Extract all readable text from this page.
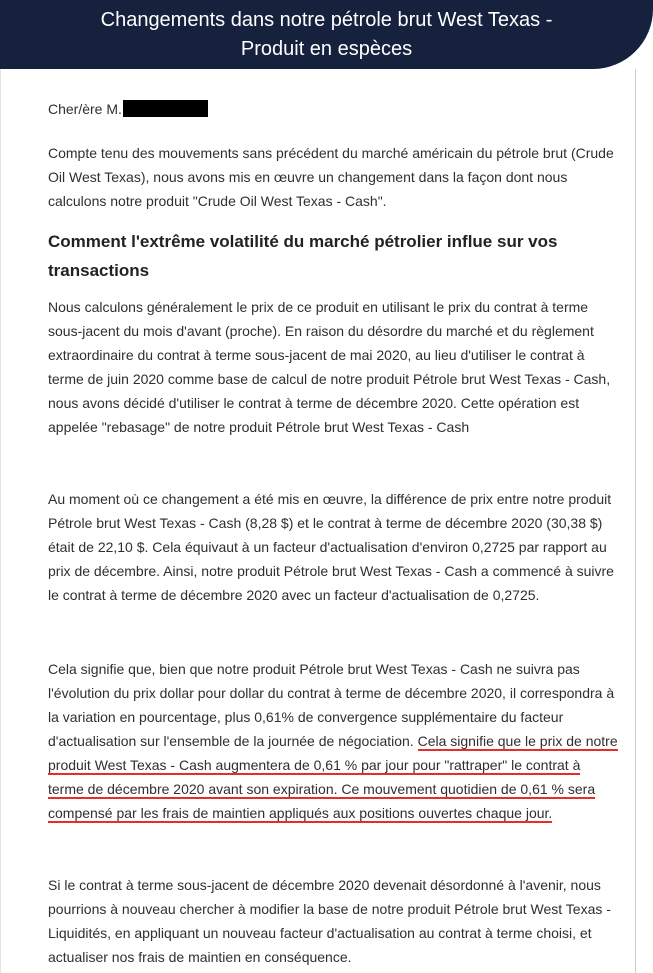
Changements dans notre pétrole brut West Texas -
Produit en espèces

Cher/ère M.

Compte tenu des mouvements sans précédent du marché américain du pétrole brut (Crude Oil West Texas), nous avons mis en œuvre un changement dans la façon dont nous calculons notre produit "Crude Oil West Texas - Cash".

Comment l'extrême volatilité du marché pétrolier influe sur vos transactions

Nous calculons généralement le prix de ce produit en utilisant le prix du contrat à terme sous-jacent du mois d'avant (proche). En raison du désordre du marché et du règlement extraordinaire du contrat à terme sous-jacent de mai 2020, au lieu d'utiliser le contrat à terme de juin 2020 comme base de calcul de notre produit Pétrole brut West Texas - Cash, nous avons décidé d'utiliser le contrat à terme de décembre 2020. Cette opération est appelée "rebasage" de notre produit Pétrole brut West Texas - Cash

Au moment où ce changement a été mis en œuvre, la différence de prix entre notre produit Pétrole brut West Texas - Cash (8,28 $) et le contrat à terme de décembre 2020 (30,38 $) était de 22,10 $. Cela équivaut à un facteur d'actualisation d'environ 0,2725 par rapport au prix de décembre. Ainsi, notre produit Pétrole brut West Texas - Cash a commencé à suivre le contrat à terme de décembre 2020 avec un facteur d'actualisation de 0,2725.

Cela signifie que, bien que notre produit Pétrole brut West Texas - Cash ne suivra pas l'évolution du prix dollar pour dollar du contrat à terme de décembre 2020, il correspondra à la variation en pourcentage, plus 0,61% de convergence supplémentaire du facteur d'actualisation sur l'ensemble de la journée de négociation. Cela signifie que le prix de notre produit West Texas - Cash augmentera de 0,61 % par jour pour "rattraper" le contrat à terme de décembre 2020 avant son expiration. Ce mouvement quotidien de 0,61 % sera compensé par les frais de maintien appliqués aux positions ouvertes chaque jour.

Si le contrat à terme sous-jacent de décembre 2020 devenait désordonné à l'avenir, nous pourrions à nouveau chercher à modifier la base de notre produit Pétrole brut West Texas - Liquidités, en appliquant un nouveau facteur d'actualisation au contrat à terme choisi, et actualiser nos frais de maintien en conséquence.
